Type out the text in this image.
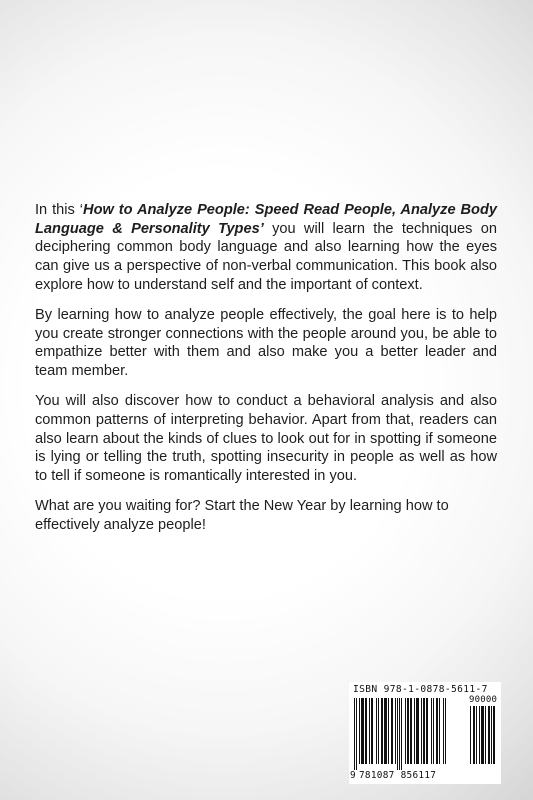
In this ‘How to Analyze People: Speed Read People, Analyze Body Language & Personality Types’ you will learn the techniques on deciphering common body language and also learning how the eyes can give us a perspective of non-verbal communication. This book also explore how to understand self and the important of context.

By learning how to analyze people effectively, the goal here is to help you create stronger connections with the people around you, be able to empathize better with them and also make you a better leader and team member.

You will also discover how to conduct a behavioral analysis and also common patterns of interpreting behavior. Apart from that, readers can also learn about the kinds of clues to look out for in spotting if someone is lying or telling the truth, spotting insecurity in people as well as how to tell if someone is romantically interested in you.

What are you waiting for? Start the New Year by learning how to effectively analyze people!

ISBN 978-1-0878-5611-7
90000
9 781087 856117
